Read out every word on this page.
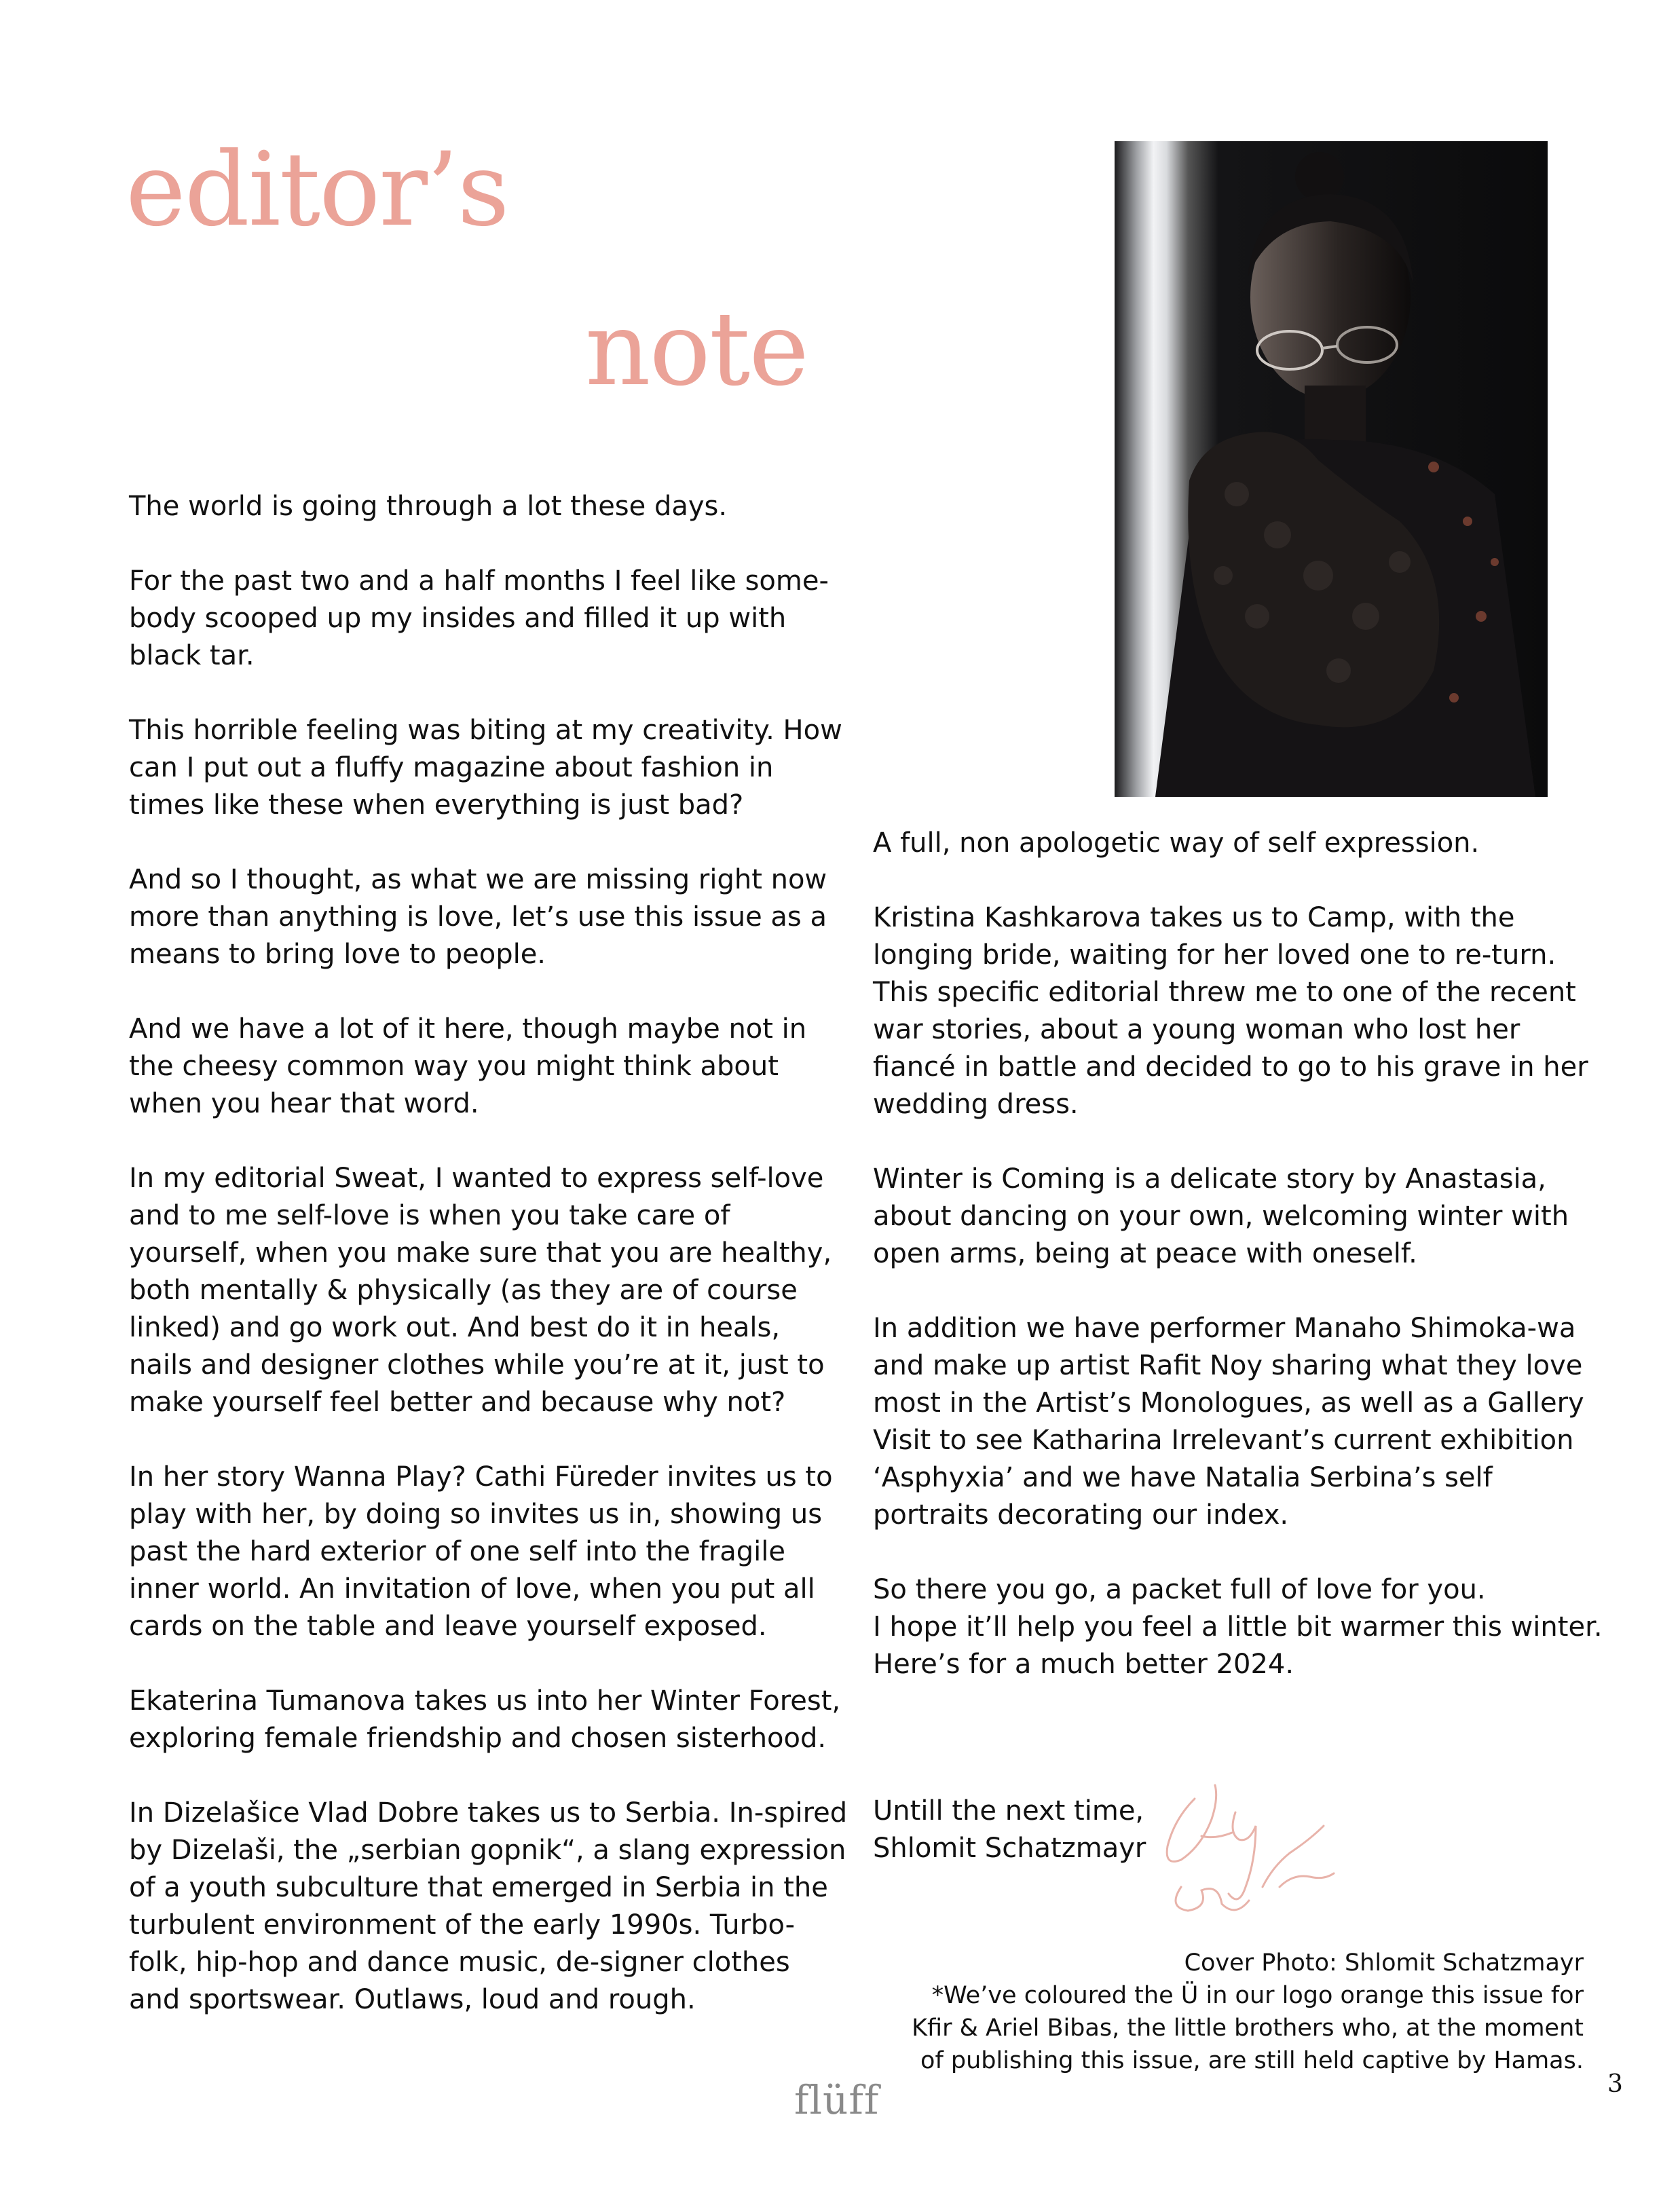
editor’s
note

The world is going through a lot these days.

For the past two and a half months I feel like some-body scooped up my insides and filled it up with black tar.

This horrible feeling was biting at my creativity. How can I put out a fluffy magazine about fashion in times like these when everything is just bad?

And so I thought, as what we are missing right now more than anything is love, let’s use this issue as a means to bring love to people.

And we have a lot of it here, though maybe not in the cheesy common way you might think about when you hear that word.

In my editorial Sweat, I wanted to express self-love and to me self-love is when you take care of yourself, when you make sure that you are healthy, both mentally & physically (as they are of course linked) and go work out. And best do it in heals, nails and designer clothes while you’re at it, just to make yourself feel better and because why not?

In her story Wanna Play? Cathi Füreder invites us to play with her, by doing so invites us in, showing us past the hard exterior of one self into the fragile inner world. An invitation of love, when you put all cards on the table and leave yourself exposed.

Ekaterina Tumanova takes us into her Winter Forest, exploring female friendship and chosen sisterhood.

In Dizelašice Vlad Dobre takes us to Serbia. In-spired by Dizelaši, the „serbian gopnik“, a slang expression of a youth subculture that emerged in Serbia in the turbulent environment of the early 1990s. Turbo-folk, hip-hop and dance music, de-signer clothes and sportswear. Outlaws, loud and rough.

A full, non apologetic way of self expression.

Kristina Kashkarova takes us to Camp, with the longing bride, waiting for her loved one to re-turn. This specific editorial threw me to one of the recent war stories, about a young woman who lost her fiancé in battle and decided to go to his grave in her wedding dress.

Winter is Coming is a delicate story by Anastasia, about dancing on your own, welcoming winter with open arms, being at peace with oneself.

In addition we have performer Manaho Shimoka-wa and make up artist Rafit Noy sharing what they love most in the Artist’s Monologues, as well as a Gallery Visit to see Katharina Irrelevant’s current exhibition ‘Asphyxia’ and we have Natalia Serbina’s self portraits decorating our index.

So there you go, a packet full of love for you.
I hope it’ll help you feel a little bit warmer this winter.
Here’s for a much better 2024.

Untill the next time,
Shlomit Schatzmayr
Cover Photo: Shlomit Schatzmayr
*We’ve coloured the Ü in our logo orange this issue for
Kfir & Ariel Bibas, the little brothers who, at the moment
of publishing this issue, are still held captive by Hamas.
flüff	3
